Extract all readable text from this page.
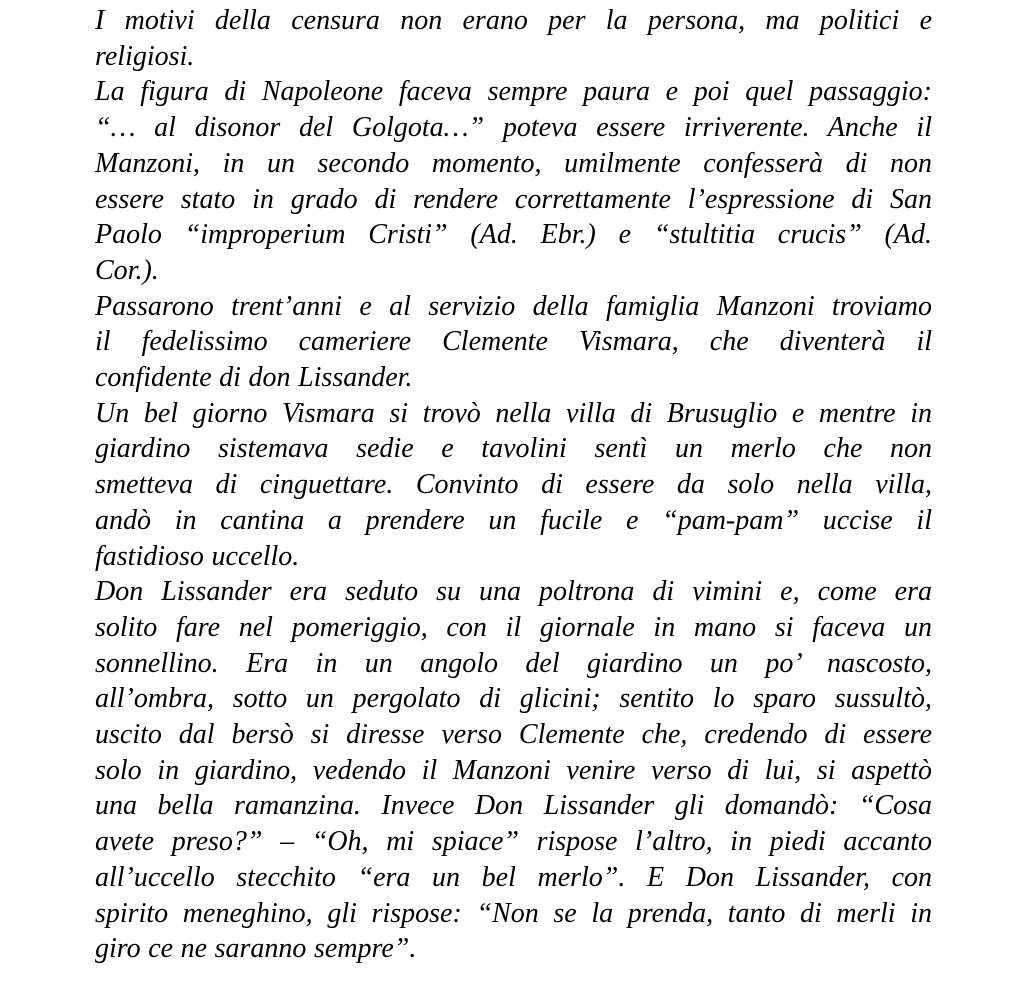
I motivi della censura non erano per la persona, ma politici e
religiosi.
La figura di Napoleone faceva sempre paura e poi quel passaggio:
“… al disonor del Golgota…” poteva essere irriverente. Anche il
Manzoni, in un secondo momento, umilmente confesserà di non
essere stato in grado di rendere correttamente l’espressione di San
Paolo “improperium Cristi” (Ad. Ebr.) e “stultitia crucis” (Ad.
Cor.).
Passarono trent’anni e al servizio della famiglia Manzoni troviamo
il fedelissimo cameriere Clemente Vismara, che diventerà il
confidente di don Lissander.
Un bel giorno Vismara si trovò nella villa di Brusuglio e mentre in
giardino sistemava sedie e tavolini sentì un merlo che non
smetteva di cinguettare. Convinto di essere da solo nella villa,
andò in cantina a prendere un fucile e “pam-pam” uccise il
fastidioso uccello.
Don Lissander era seduto su una poltrona di vimini e, come era
solito fare nel pomeriggio, con il giornale in mano si faceva un
sonnellino. Era in un angolo del giardino un po’ nascosto,
all’ombra, sotto un pergolato di glicini; sentito lo sparo sussultò,
uscito dal bersò si diresse verso Clemente che, credendo di essere
solo in giardino, vedendo il Manzoni venire verso di lui, si aspettò
una bella ramanzina. Invece Don Lissander gli domandò: “Cosa
avete preso?” – “Oh, mi spiace” rispose l’altro, in piedi accanto
all’uccello stecchito “era un bel merlo”. E Don Lissander, con
spirito meneghino, gli rispose: “Non se la prenda, tanto di merli in
giro ce ne saranno sempre”.
